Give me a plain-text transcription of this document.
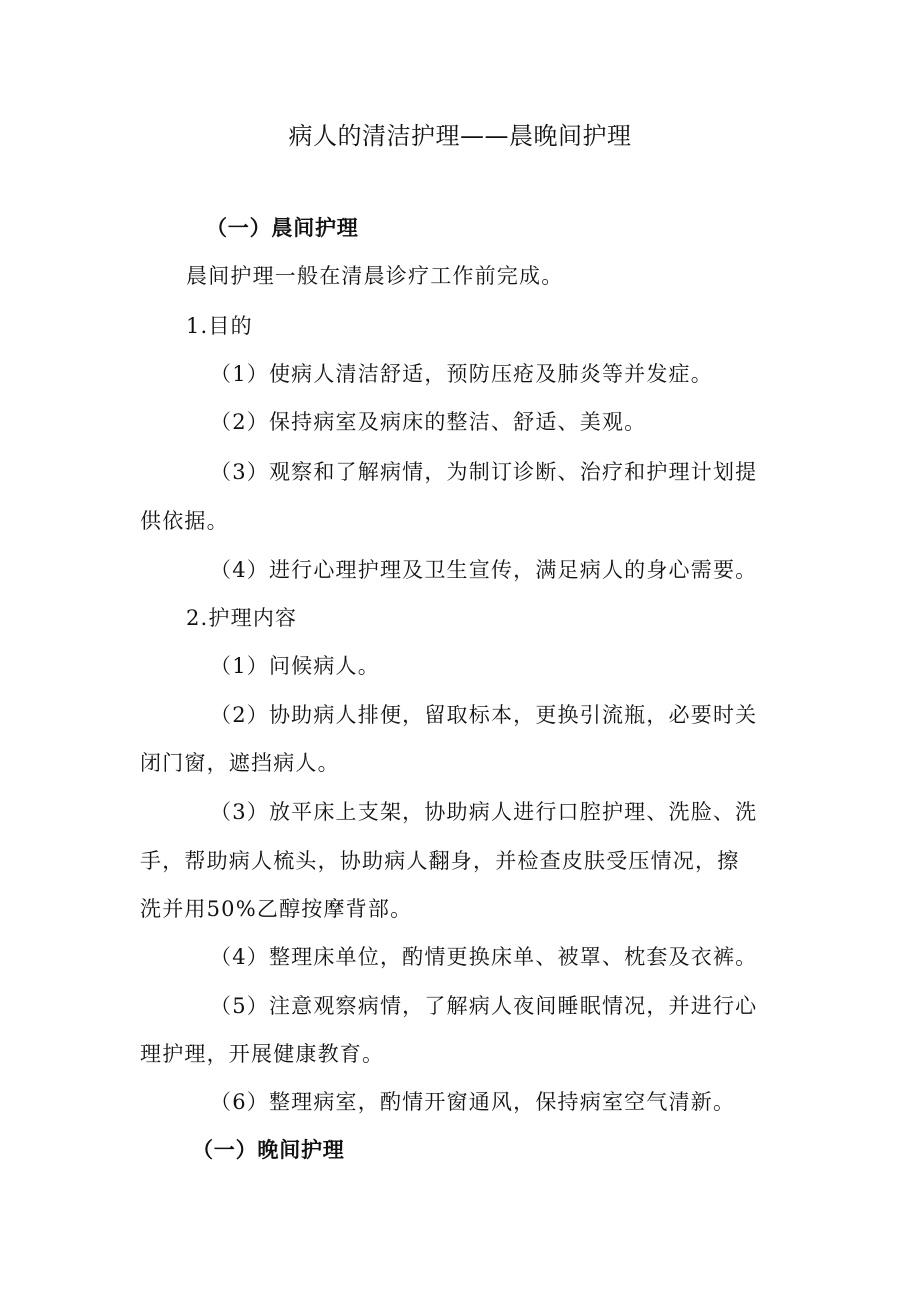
病人的清洁护理——晨晚间护理
（一）晨间护理
晨间护理一般在清晨诊疗工作前完成。
1.目的
（1）使病人清洁舒适，预防压疮及肺炎等并发症。
（2）保持病室及病床的整洁、舒适、美观。
（3）观察和了解病情，为制订诊断、治疗和护理计划提
供依据。
（4）进行心理护理及卫生宣传，满足病人的身心需要。
2.护理内容
（1）问候病人。
（2）协助病人排便，留取标本，更换引流瓶，必要时关
闭门窗，遮挡病人。
（3）放平床上支架，协助病人进行口腔护理、洗脸、洗
手，帮助病人梳头，协助病人翻身，并检查皮肤受压情况，擦
洗并用50%乙醇按摩背部。
（4）整理床单位，酌情更换床单、被罩、枕套及衣裤。
（5）注意观察病情，了解病人夜间睡眠情况，并进行心
理护理，开展健康教育。
（6）整理病室，酌情开窗通风，保持病室空气清新。
（一）晚间护理
